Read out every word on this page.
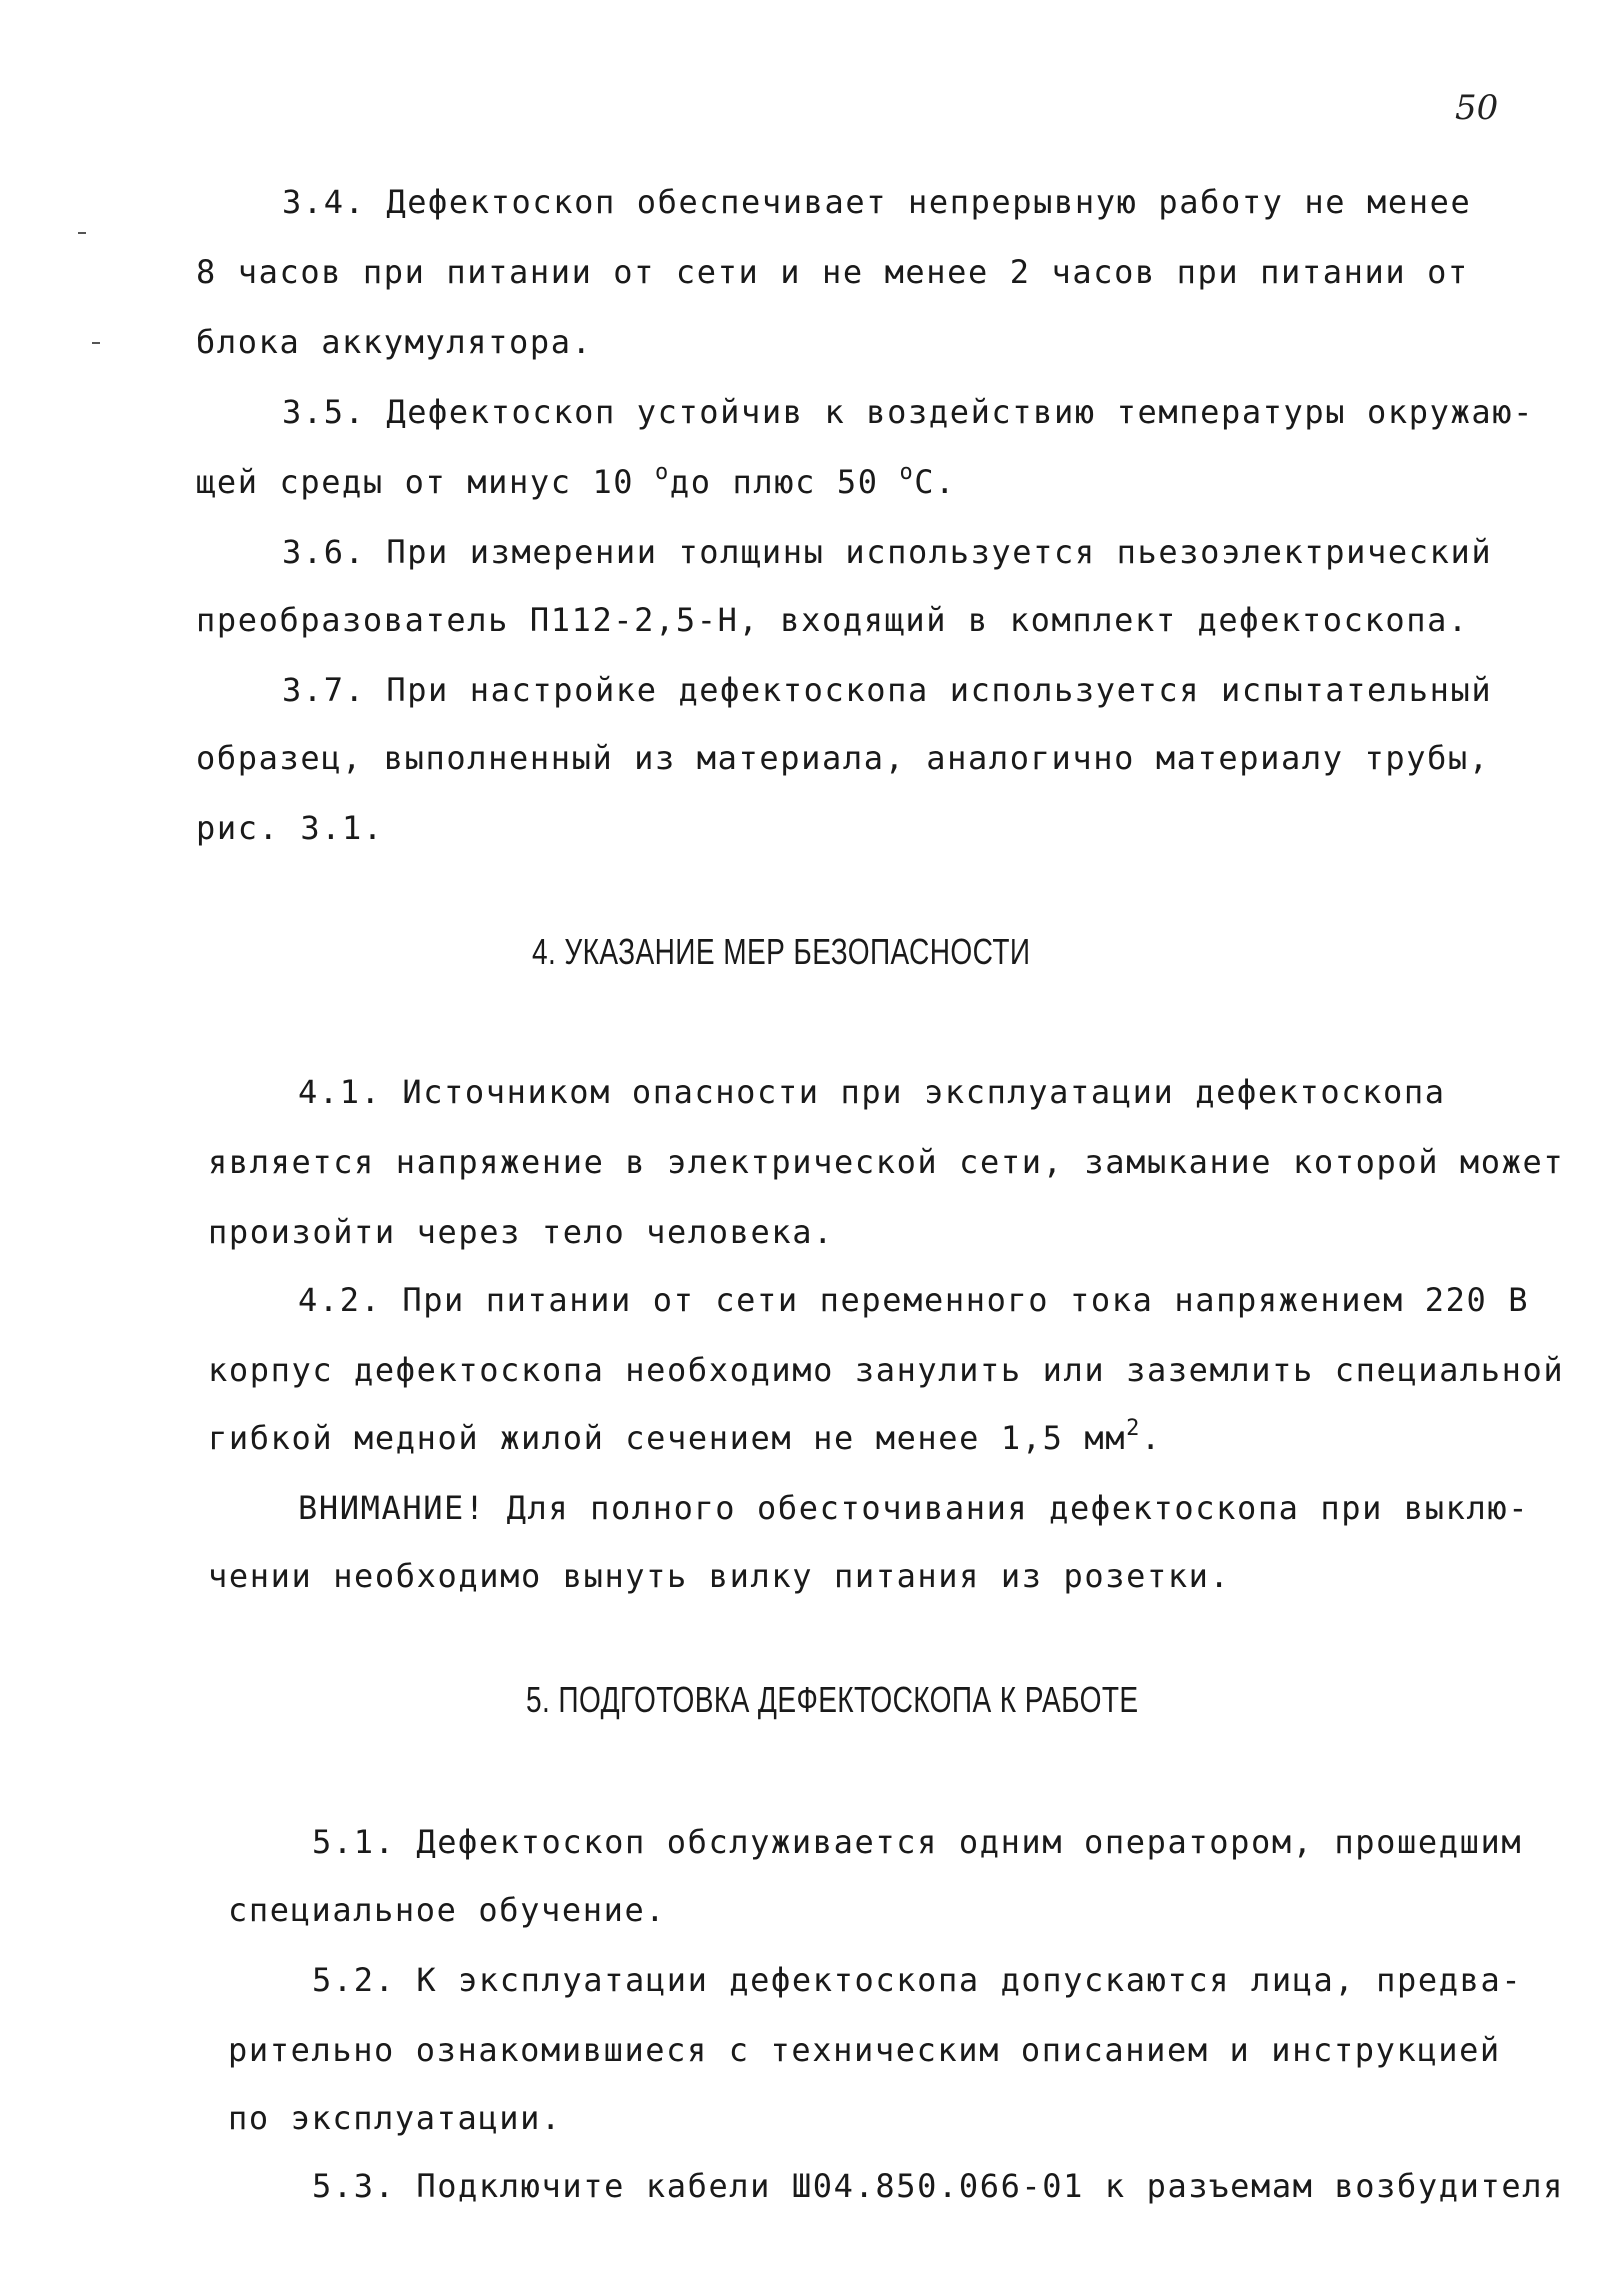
50
3.4. Дефектоскоп обеспечивает непрерывную работу не менее
8 часов при питании от сети и не менее 2 часов при питании от
блока аккумулятора.
3.5. Дефектоскоп устойчив к воздействию температуры окружаю-
щей среды от минус 10 $^о$до плюс 50 $^о$С.
3.6. При измерении толщины используется пьезоэлектрический
преобразователь П112-2,5-Н, входящий в комплект дефектоскопа.
3.7. При настройке дефектоскопа используется испытательный
образец, выполненный из материала, аналогично материалу трубы,
рис. 3.1.
4. УКАЗАНИЕ МЕР БЕЗОПАСНОСТИ
4.1. Источником опасности при эксплуатации дефектоскопа
является напряжение в электрической сети, замыкание которой может
произойти через тело человека.
4.2. При питании от сети переменного тока напряжением 220 В
корпус дефектоскопа необходимо занулить или заземлить специальной
гибкой медной жилой сечением не менее 1,5 $мм^2$.
ВНИМАНИЕ! Для полного обесточивания дефектоскопа при выклю-
чении необходимо вынуть вилку питания из розетки.
5. ПОДГОТОВКА ДЕФЕКТОСКОПА К РАБОТЕ
5.1. Дефектоскоп обслуживается одним оператором, прошедшим
специальное обучение.
5.2. К эксплуатации дефектоскопа допускаются лица, предва-
рительно ознакомившиеся с техническим описанием и инструкцией
по эксплуатации.
5.3. Подключите кабели Ш04.850.066-01 к разъемам возбудителя
